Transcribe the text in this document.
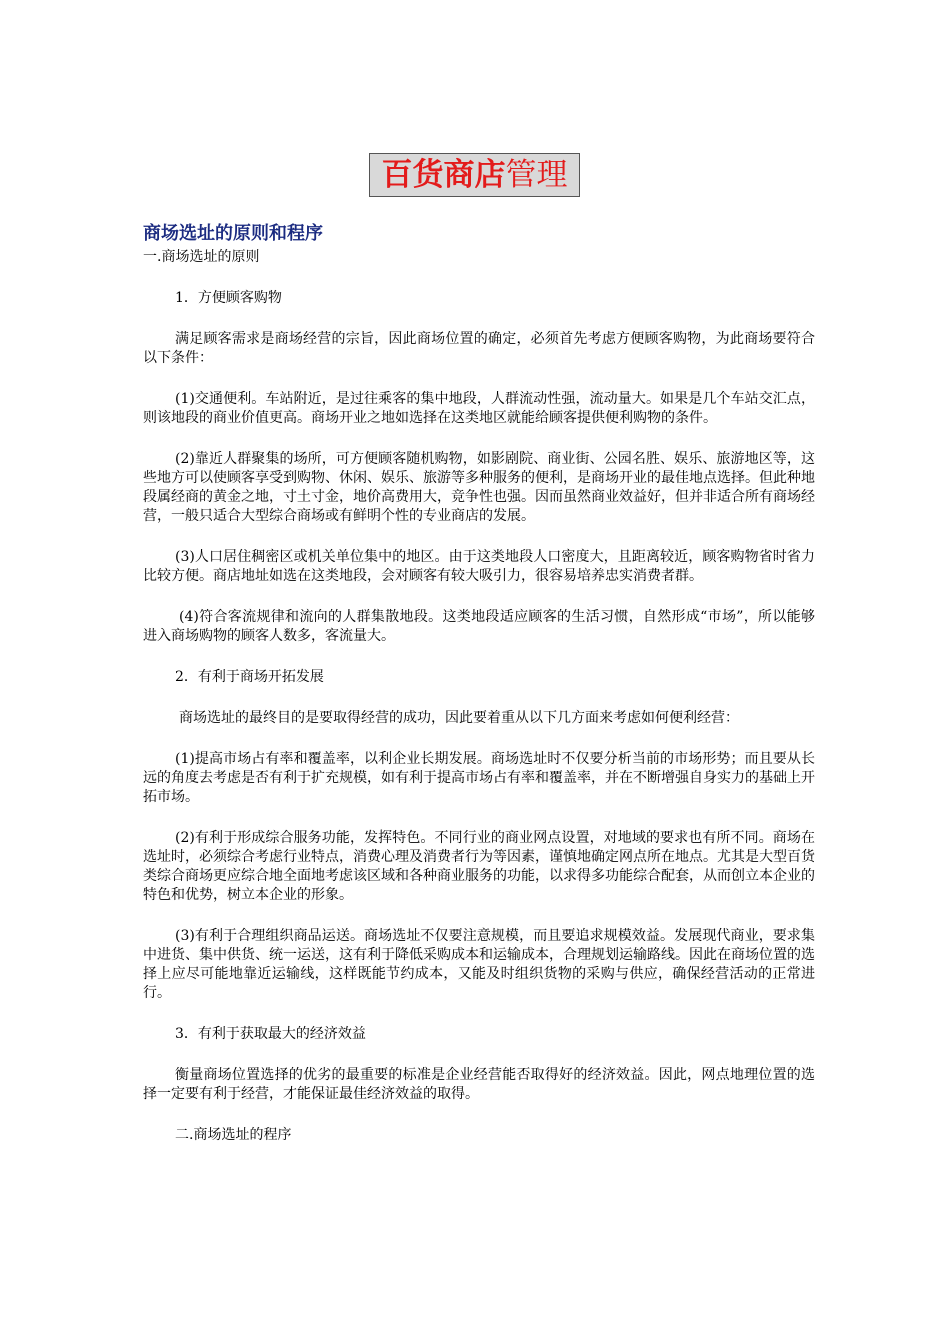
百货商店管理

商场选址的原则和程序

一.商场选址的原则

1．方便顾客购物

满足顾客需求是商场经营的宗旨，因此商场位置的确定，必须首先考虑方便顾客购物，为此商场要符合以下条件：

(1)交通便利。车站附近，是过往乘客的集中地段，人群流动性强，流动量大。如果是几个车站交汇点，则该地段的商业价值更高。商场开业之地如选择在这类地区就能给顾客提供便利购物的条件。

(2)靠近人群聚集的场所，可方便顾客随机购物，如影剧院、商业街、公园名胜、娱乐、旅游地区等，这些地方可以使顾客享受到购物、休闲、娱乐、旅游等多种服务的便利，是商场开业的最佳地点选择。但此种地段属经商的黄金之地，寸土寸金，地价高费用大，竞争性也强。因而虽然商业效益好，但并非适合所有商场经营，一般只适合大型综合商场或有鲜明个性的专业商店的发展。

(3)人口居住稠密区或机关单位集中的地区。由于这类地段人口密度大，且距离较近，顾客购物省时省力比较方便。商店地址如选在这类地段，会对顾客有较大吸引力，很容易培养忠实消费者群。

(4)符合客流规律和流向的人群集散地段。这类地段适应顾客的生活习惯，自然形成“市场”，所以能够进入商场购物的顾客人数多，客流量大。

2．有利于商场开拓发展

商场选址的最终目的是要取得经营的成功，因此要着重从以下几方面来考虑如何便利经营：

(1)提高市场占有率和覆盖率，以利企业长期发展。商场选址时不仅要分析当前的市场形势；而且要从长远的角度去考虑是否有利于扩充规模，如有利于提高市场占有率和覆盖率，并在不断增强自身实力的基础上开拓市场。

(2)有利于形成综合服务功能，发挥特色。不同行业的商业网点设置，对地域的要求也有所不同。商场在选址时，必须综合考虑行业特点，消费心理及消费者行为等因素，谨慎地确定网点所在地点。尤其是大型百货类综合商场更应综合地全面地考虑该区域和各种商业服务的功能，以求得多功能综合配套，从而创立本企业的特色和优势，树立本企业的形象。

(3)有利于合理组织商品运送。商场选址不仅要注意规模，而且要追求规模效益。发展现代商业，要求集中进货、集中供货、统一运送，这有利于降低采购成本和运输成本，合理规划运输路线。因此在商场位置的选择上应尽可能地靠近运输线，这样既能节约成本，又能及时组织货物的采购与供应，确保经营活动的正常进行。

3．有利于获取最大的经济效益

衡量商场位置选择的优劣的最重要的标准是企业经营能否取得好的经济效益。因此，网点地理位置的选择一定要有利于经营，才能保证最佳经济效益的取得。

二.商场选址的程序
